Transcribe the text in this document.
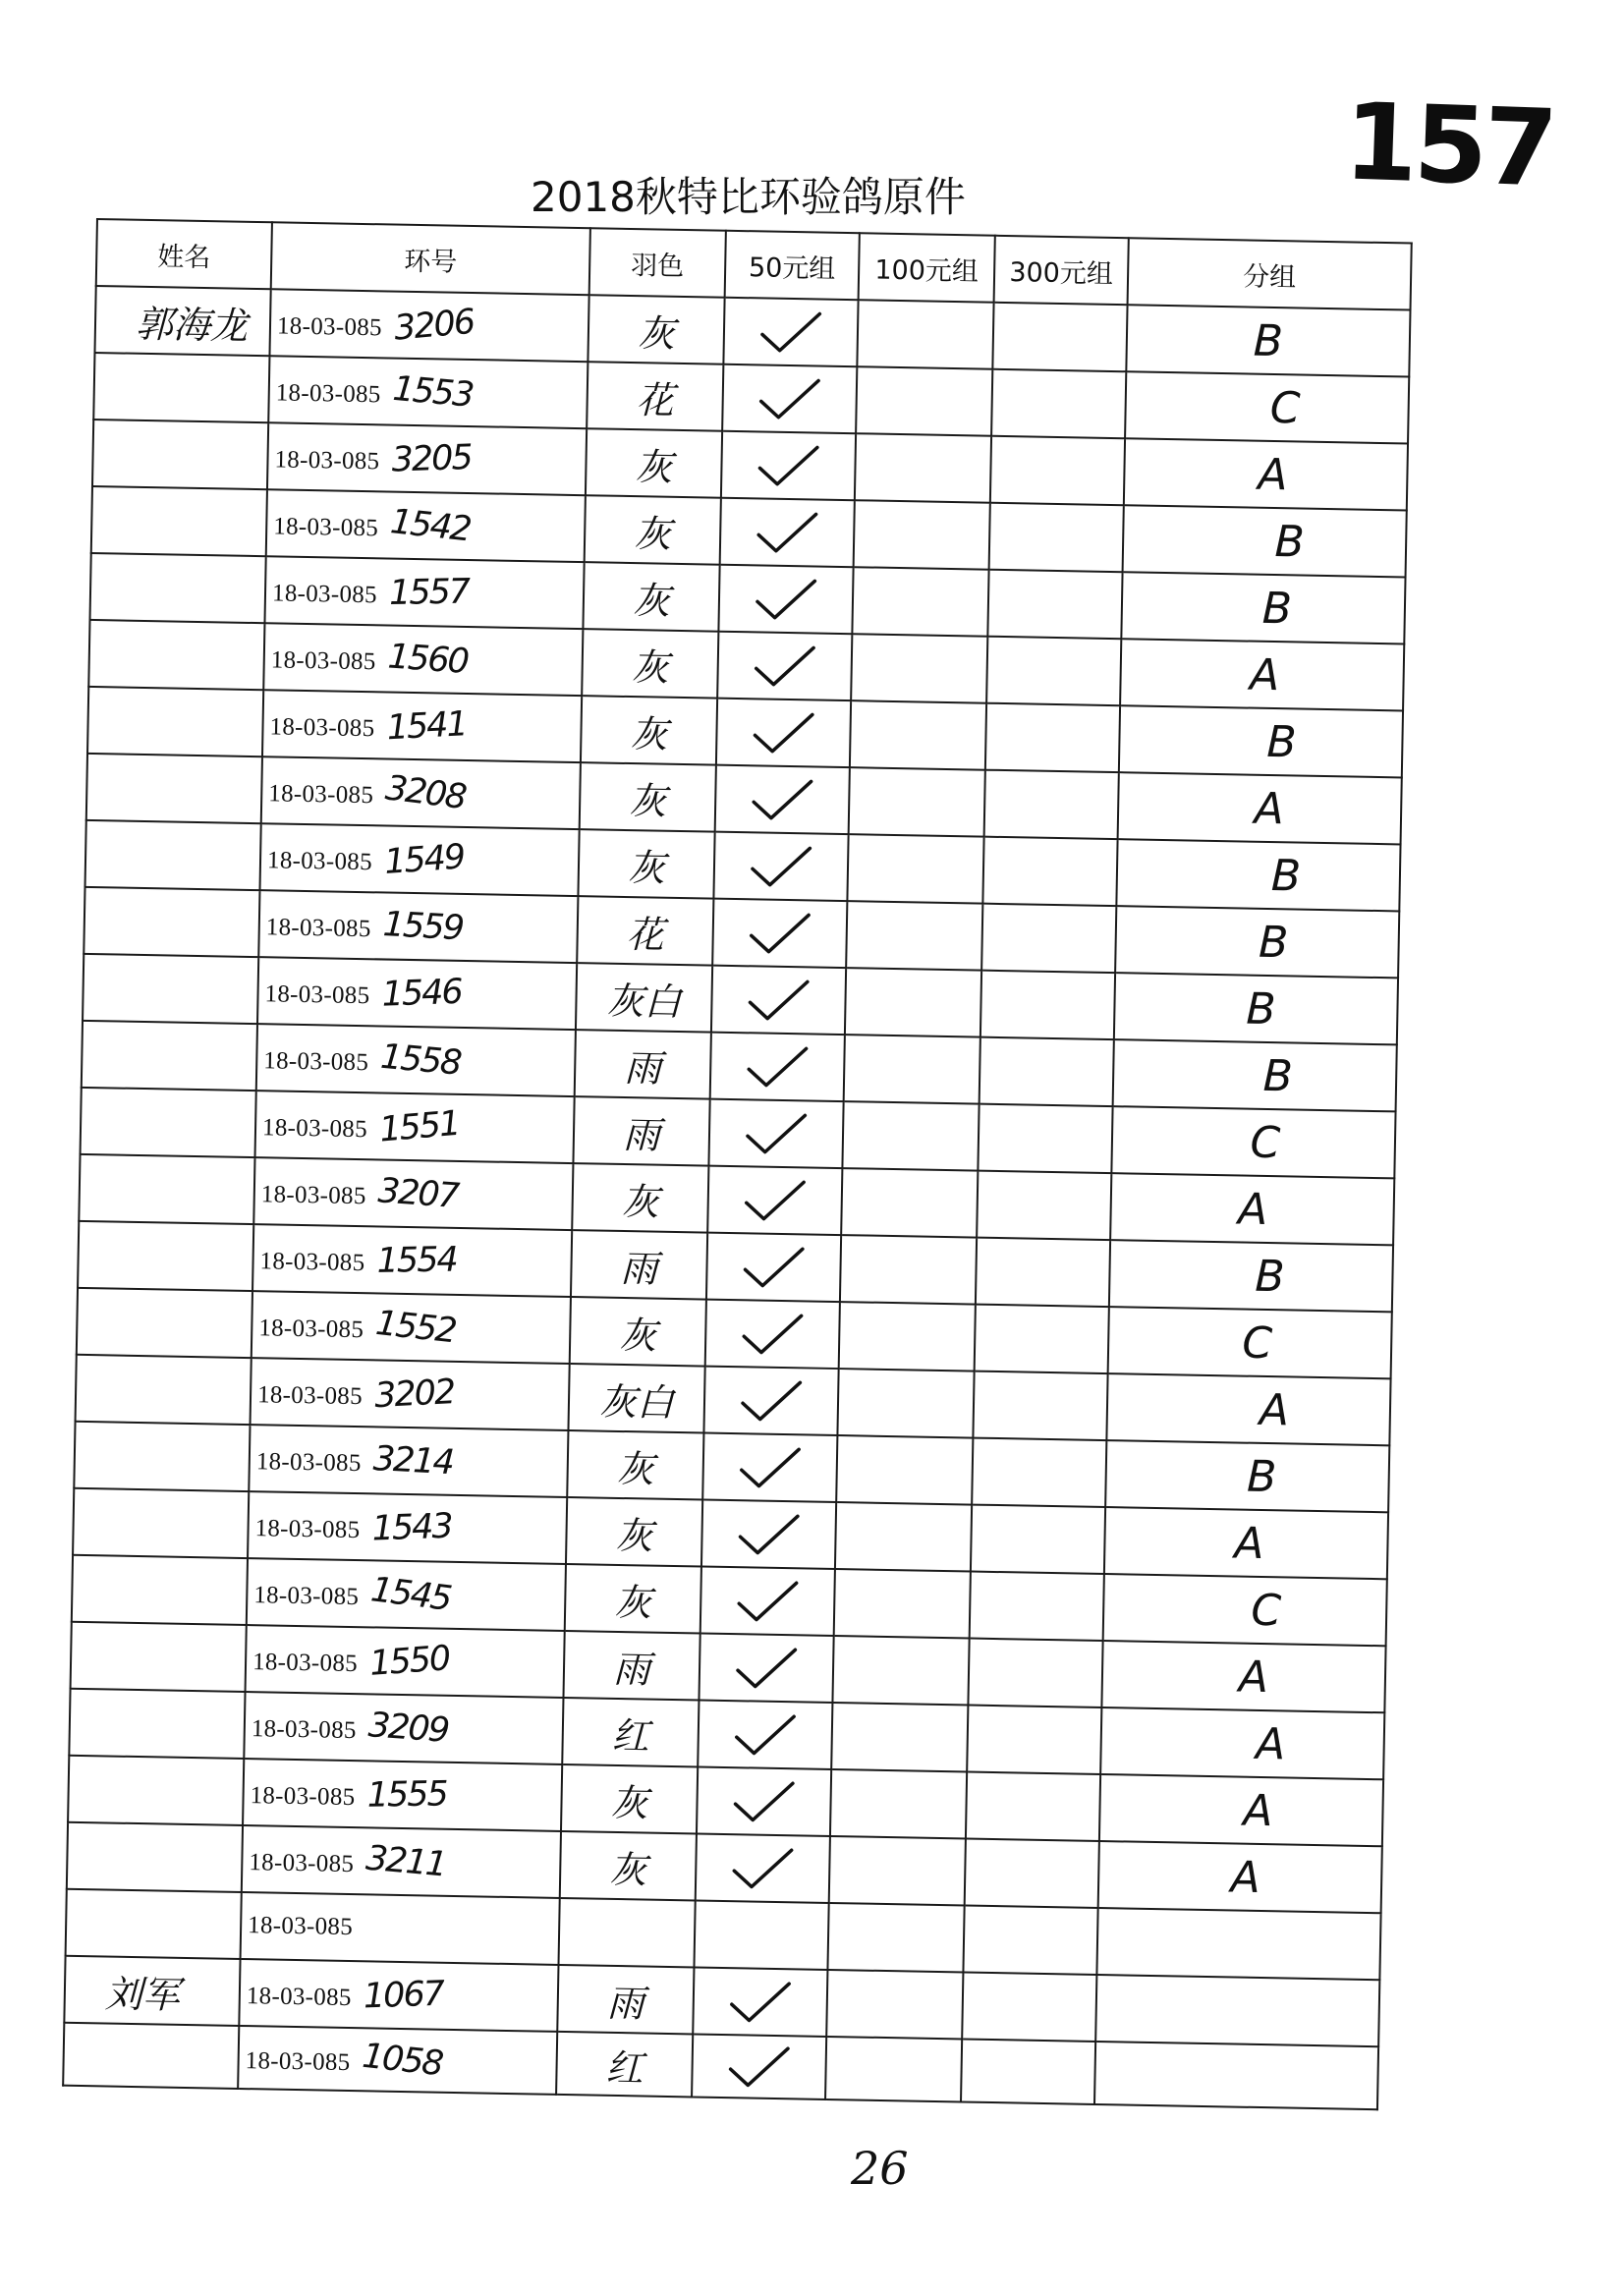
157
2018秋特比环验鸽原件
姓名	环号	羽色	50元组	100元组	300元组	分组
郭海龙	18-03-085 3206	灰				B
	18-03-085 1553	花				C
	18-03-085 3205	灰				A
	18-03-085 1542	灰				B
	18-03-085 1557	灰				B
	18-03-085 1560	灰				A
	18-03-085 1541	灰				B
	18-03-085 3208	灰				A
	18-03-085 1549	灰				B
	18-03-085 1559	花				B
	18-03-085 1546	灰白				B
	18-03-085 1558	雨				B
	18-03-085 1551	雨				C
	18-03-085 3207	灰				A
	18-03-085 1554	雨				B
	18-03-085 1552	灰				C
	18-03-085 3202	灰白				A
	18-03-085 3214	灰				B
	18-03-085 1543	灰				A
	18-03-085 1545	灰				C
	18-03-085 1550	雨				A
	18-03-085 3209	红				A
	18-03-085 1555	灰				A
	18-03-085 3211	灰				A
	18-03-085					
刘军	18-03-085 1067	雨				
	18-03-085 1058	红				
26
